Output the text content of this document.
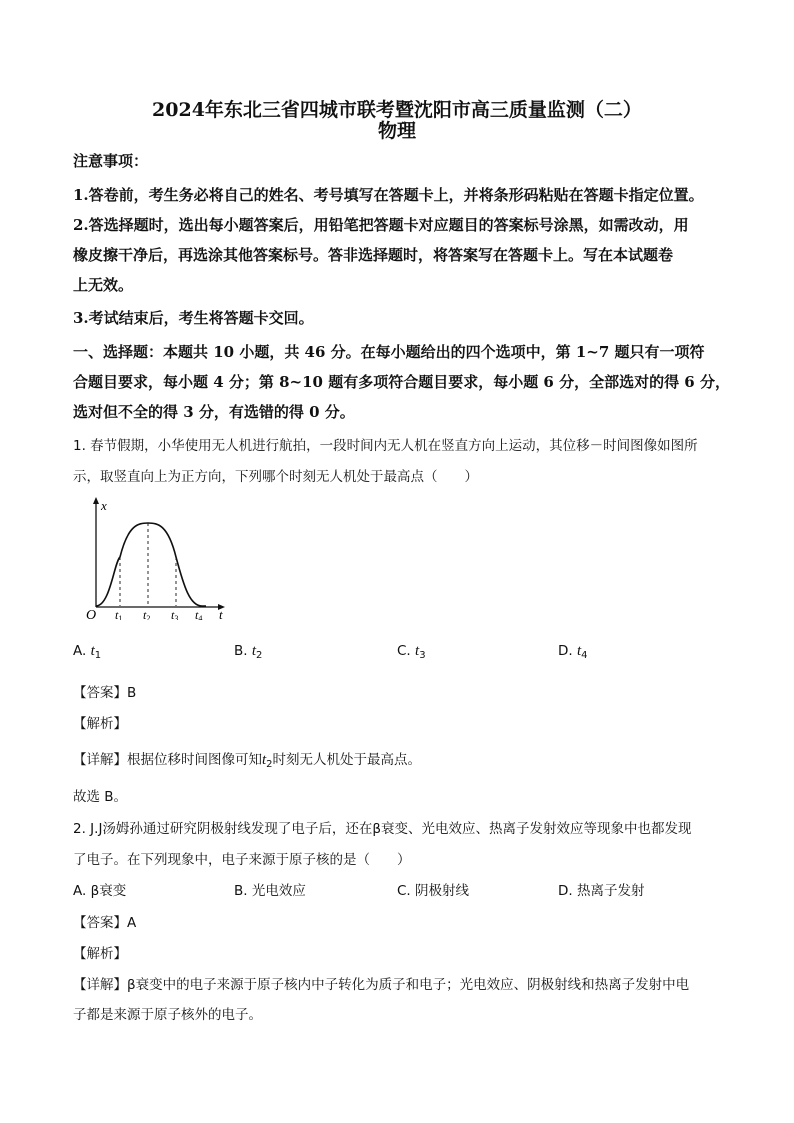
2024年东北三省四城市联考暨沈阳市高三质量监测（二）
物理
注意事项：
1.答卷前，考生务必将自己的姓名、考号填写在答题卡上，并将条形码粘贴在答题卡指定位置。
2.答选择题时，选出每小题答案后，用铅笔把答题卡对应题目的答案标号涂黑，如需改动，用
橡皮擦干净后，再选涂其他答案标号。答非选择题时，将答案写在答题卡上。写在本试题卷
上无效。
3.考试结束后，考生将答题卡交回。
一、选择题：本题共 10 小题，共 46 分。在每小题给出的四个选项中，第 1~7 题只有一项符
合题目要求，每小题 4 分；第 8~10 题有多项符合题目要求，每小题 6 分，全部选对的得 6 分，
选对但不全的得 3 分，有选错的得 0 分。
1. 春节假期，小华使用无人机进行航拍，一段时间内无人机在竖直方向上运动，其位移－时间图像如图所
示，取竖直向上为正方向，下列哪个时刻无人机处于最高点（　　）
x
O	t
t1 t2 t3 t4
A. $t_1$	B. $t_2$	C. $t_3$	D. $t_4$
【答案】B
【解析】
【详解】根据位移时间图像可知$t_2$时刻无人机处于最高点。
故选 B。
2. J.J汤姆孙通过研究阴极射线发现了电子后，还在β衰变、光电效应、热离子发射效应等现象中也都发现
了电子。在下列现象中，电子来源于原子核的是（　　）
A. β衰变	B. 光电效应	C. 阴极射线	D. 热离子发射
【答案】A
【解析】
【详解】β衰变中的电子来源于原子核内中子转化为质子和电子；光电效应、阴极射线和热离子发射中电
子都是来源于原子核外的电子。
